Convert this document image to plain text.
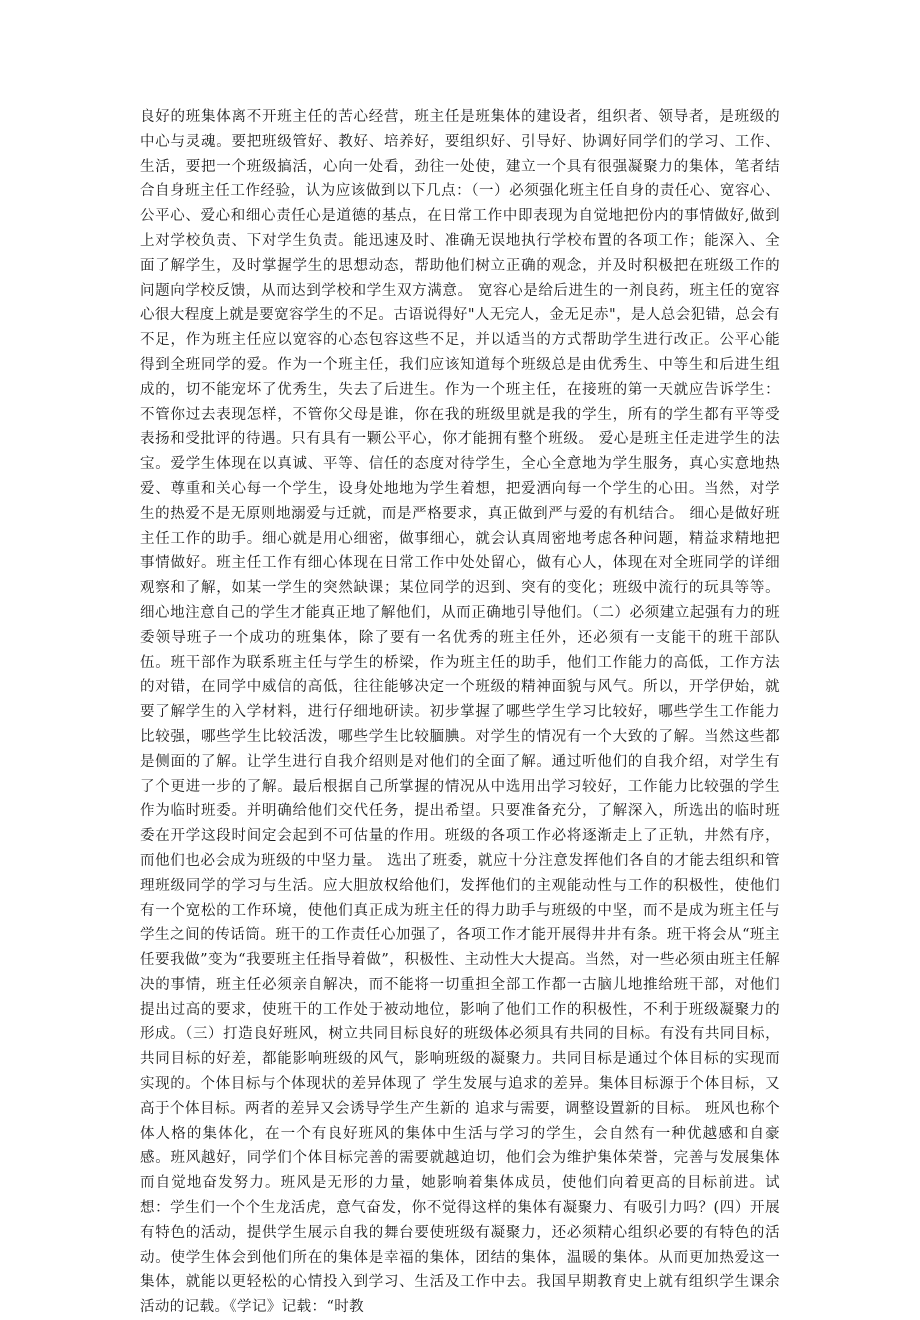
良好的班集体离不开班主任的苦心经营，班主任是班集体的建设者，组织者、领导者，是班级的中心与灵魂。要把班级管好、教好、培养好，要组织好、引导好、协调好同学们的学习、工作、生活，要把一个班级搞活，心向一处看，劲往一处使，建立一个具有很强凝聚力的集体，笔者结合自身班主任工作经验，认为应该做到以下几点：（一）必须强化班主任自身的责任心、宽容心、公平心、爱心和细心责任心是道德的基点，在日常工作中即表现为自觉地把份内的事情做好,做到上对学校负责、下对学生负责。能迅速及时、准确无误地执行学校布置的各项工作；能深入、全面了解学生，及时掌握学生的思想动态，帮助他们树立正确的观念，并及时积极把在班级工作的问题向学校反馈，从而达到学校和学生双方满意。 宽容心是给后进生的一剂良药，班主任的宽容心很大程度上就是要宽容学生的不足。古语说得好"人无完人，金无足赤"，是人总会犯错，总会有不足，作为班主任应以宽容的心态包容这些不足，并以适当的方式帮助学生进行改正。公平心能得到全班同学的爱。作为一个班主任，我们应该知道每个班级总是由优秀生、中等生和后进生组成的，切不能宠坏了优秀生，失去了后进生。作为一个班主任，在接班的第一天就应告诉学生：不管你过去表现怎样，不管你父母是谁，你在我的班级里就是我的学生，所有的学生都有平等受表扬和受批评的待遇。只有具有一颗公平心，你才能拥有整个班级。 爱心是班主任走进学生的法宝。爱学生体现在以真诚、平等、信任的态度对待学生，全心全意地为学生服务，真心实意地热爱、尊重和关心每一个学生，设身处地地为学生着想，把爱洒向每一个学生的心田。当然，对学生的热爱不是无原则地溺爱与迁就，而是严格要求，真正做到严与爱的有机结合。 细心是做好班主任工作的助手。细心就是用心细密，做事细心，就会认真周密地考虑各种问题，精益求精地把事情做好。班主任工作有细心体现在日常工作中处处留心，做有心人，体现在对全班同学的详细观察和了解，如某一学生的突然缺课；某位同学的迟到、突有的变化；班级中流行的玩具等等。细心地注意自己的学生才能真正地了解他们，从而正确地引导他们。（二）必须建立起强有力的班委领导班子一个成功的班集体，除了要有一名优秀的班主任外，还必须有一支能干的班干部队伍。班干部作为联系班主任与学生的桥梁，作为班主任的助手，他们工作能力的高低，工作方法的对错，在同学中威信的高低，往往能够决定一个班级的精神面貌与风气。所以，开学伊始，就要了解学生的入学材料，进行仔细地研读。初步掌握了哪些学生学习比较好，哪些学生工作能力比较强，哪些学生比较活泼，哪些学生比较腼腆。对学生的情况有一个大致的了解。当然这些都是侧面的了解。让学生进行自我介绍则是对他们的全面了解。通过听他们的自我介绍，对学生有了个更进一步的了解。最后根据自己所掌握的情况从中选用出学习较好，工作能力比较强的学生作为临时班委。并明确给他们交代任务，提出希望。只要准备充分，了解深入，所选出的临时班委在开学这段时间定会起到不可估量的作用。班级的各项工作必将逐渐走上了正轨，井然有序，而他们也必会成为班级的中坚力量。 选出了班委，就应十分注意发挥他们各自的才能去组织和管理班级同学的学习与生活。应大胆放权给他们，发挥他们的主观能动性与工作的积极性，使他们有一个宽松的工作环境，使他们真正成为班主任的得力助手与班级的中坚，而不是成为班主任与学生之间的传话筒。班干的工作责任心加强了，各项工作才能开展得井井有条。班干将会从“班主任要我做”变为“我要班主任指导着做”，积极性、主动性大大提高。当然，对一些必须由班主任解决的事情，班主任必须亲自解决，而不能将一切重担全部工作都一古脑儿地推给班干部，对他们提出过高的要求，使班干的工作处于被动地位，影响了他们工作的积极性，不利于班级凝聚力的形成。（三）打造良好班风，树立共同目标良好的班级体必须具有共同的目标。有没有共同目标，共同目标的好差，都能影响班级的风气，影响班级的凝聚力。共同目标是通过个体目标的实现而实现的。个体目标与个体现状的差异体现了 学生发展与追求的差异。集体目标源于个体目标，又高于个体目标。两者的差异又会诱导学生产生新的 追求与需要，调整设置新的目标。 班风也称个体人格的集体化，在一个有良好班风的集体中生活与学习的学生，会自然有一种优越感和自豪感。班风越好，同学们个体目标完善的需要就越迫切，他们会为维护集体荣誉，完善与发展集体而自觉地奋发努力。班风是无形的力量，她影响着集体成员，使他们向着更高的目标前进。试想：学生们一个个生龙活虎，意气奋发，你不觉得这样的集体有凝聚力、有吸引力吗？(四）开展有特色的活动，提供学生展示自我的舞台要使班级有凝聚力，还必须精心组织必要的有特色的活动。使学生体会到他们所在的集体是幸福的集体，团结的集体，温暖的集体。从而更加热爱这一集体，就能以更轻松的心情投入到学习、生活及工作中去。我国早期教育史上就有组织学生课余活动的记载。《学记》记载：“时教
